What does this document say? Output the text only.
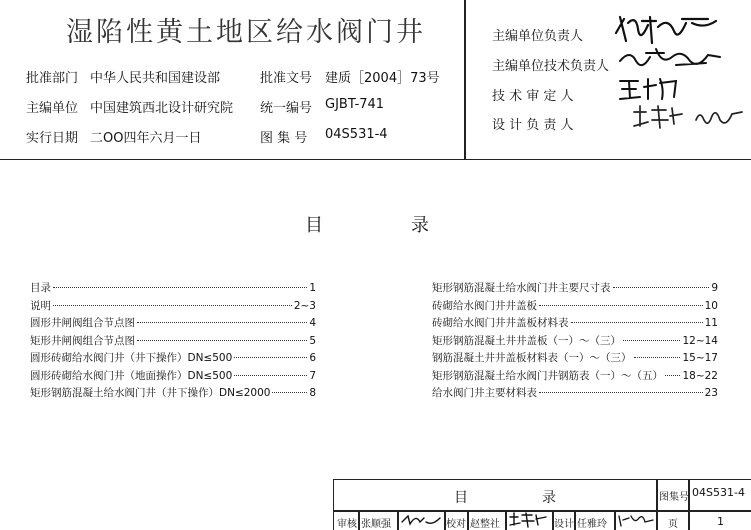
湿陷性黄土地区给水阀门井
批准部门 中华人民共和国建设部	批准文号 建质［2004］73号
主编单位 中国建筑西北设计研究院 统一编号 GJBT-741
实行日期 二OO四年六月一日	图 集 号 04S531-4
主编单位负责人
主编单位技术负责人
技 术 审 定 人
设 计 负 责 人
目	录
目录	1
说明	2~3
圆形井闸阀组合节点图	4
矩形井闸阀组合节点图	5
圆形砖砌给水阀门井（井下操作）DN≤500	6
圆形砖砌给水阀门井（地面操作）DN≤500	7
矩形钢筋混凝土给水阀门井（井下操作）DN≤2000	8
矩形钢筋混凝土给水阀门井主要尺寸表	9
砖砌给水阀门井井盖板	10
砖砌给水阀门井井盖板材料表	11
矩形钢筋混凝土井井盖板（一）～（三）	12~14
钢筋混凝土井井盖板材料表（一）～（三）	15~17
矩形钢筋混凝土给水阀门井钢筋表（一）～（五） 18~22
给水阀门井主要材料表	23
目	录	图集号 04S531-4
审核 张顺强	校对 赵整社	设计 任雅玲	页	1
